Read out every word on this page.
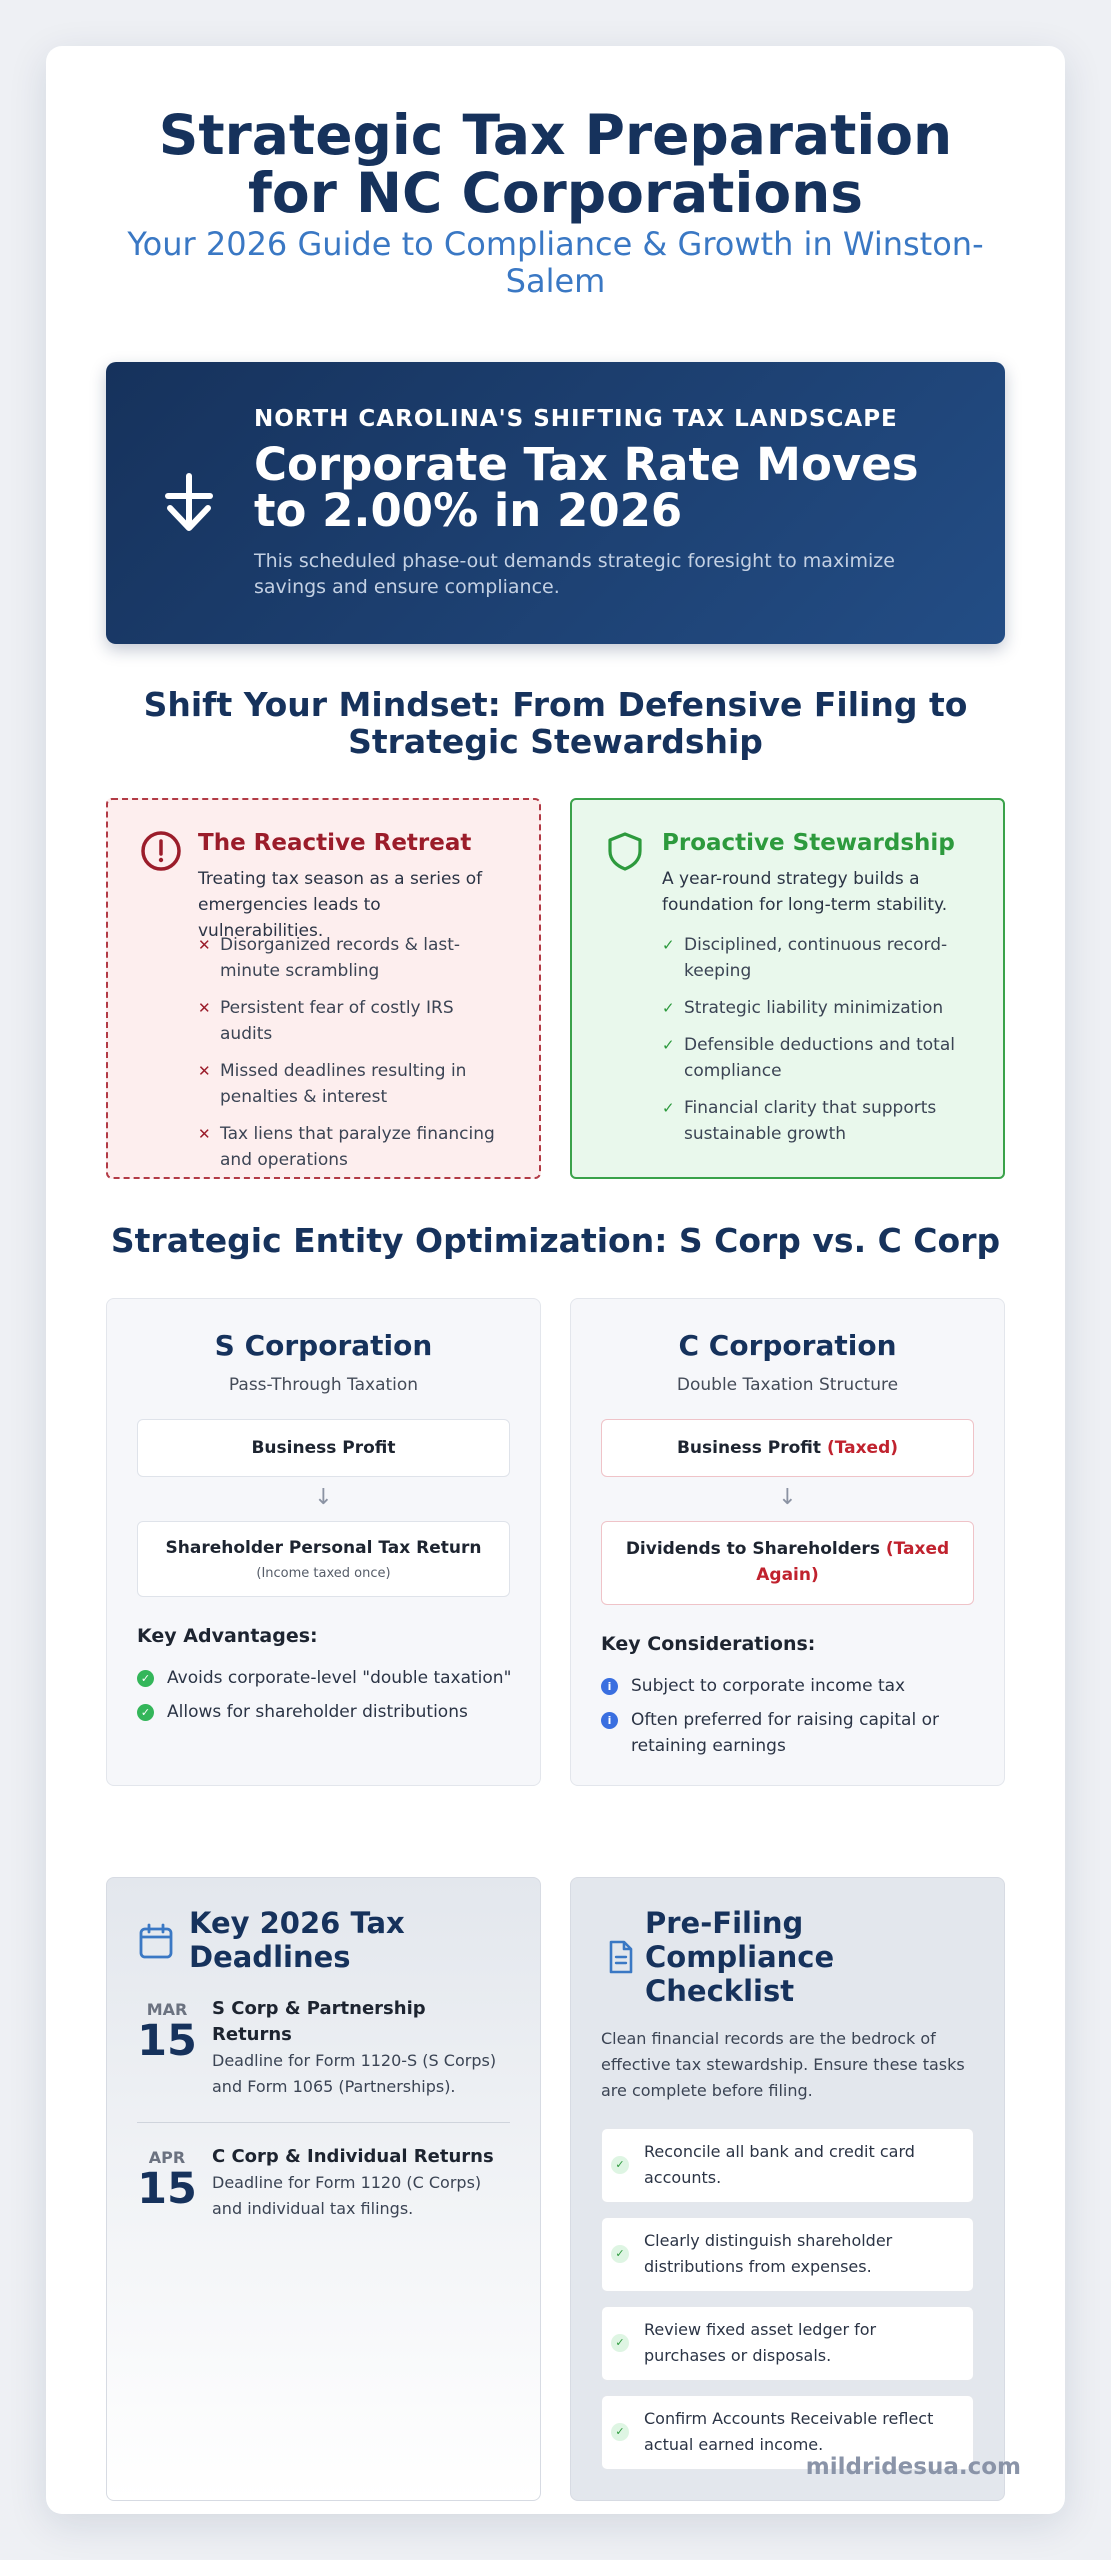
Strategic Tax Preparation for NC Corporations
Your 2026 Guide to Compliance & Growth in Winston-Salem
NORTH CAROLINA'S SHIFTING TAX LANDSCAPE
Corporate Tax Rate Moves to 2.00% in 2026
This scheduled phase-out demands strategic foresight to maximize savings and ensure compliance.
Shift Your Mindset: From Defensive Filing to Strategic Stewardship
The Reactive Retreat
Treating tax season as a series of emergencies leads to vulnerabilities.
✕ Disorganized records & last-minute scrambling
✕ Persistent fear of costly IRS audits
✕ Missed deadlines resulting in penalties & interest
✕ Tax liens that paralyze financing and operations
Proactive Stewardship
A year-round strategy builds a foundation for long-term stability.
✓ Disciplined, continuous record-keeping
✓ Strategic liability minimization
✓ Defensible deductions and total compliance
✓ Financial clarity that supports sustainable growth
Strategic Entity Optimization: S Corp vs. C Corp
S Corporation
Pass-Through Taxation
Business Profit
↓
Shareholder Personal Tax Return
(Income taxed once)
Key Advantages:
✓ Avoids corporate-level "double taxation"
✓ Allows for shareholder distributions
C Corporation
Double Taxation Structure
Business Profit (Taxed)
↓
Dividends to Shareholders (Taxed Again)
Key Considerations:
i	Subject to corporate income tax
i	Often preferred for raising capital or retaining earnings
Key 2026 Tax Deadlines
MAR
15
S Corp & Partnership Returns
Deadline for Form 1120-S (S Corps) and Form 1065 (Partnerships).
APR
15
C Corp & Individual Returns
Deadline for Form 1120 (C Corps) and individual tax filings.
Pre-Filing Compliance Checklist
Clean financial records are the bedrock of effective tax stewardship. Ensure these tasks are complete before filing.
✓
Reconcile all bank and credit card accounts.
✓
Clearly distinguish shareholder distributions from expenses.
✓
Review fixed asset ledger for purchases or disposals.
✓
Confirm Accounts Receivable reflect actual earned income.
mildridesua.com
